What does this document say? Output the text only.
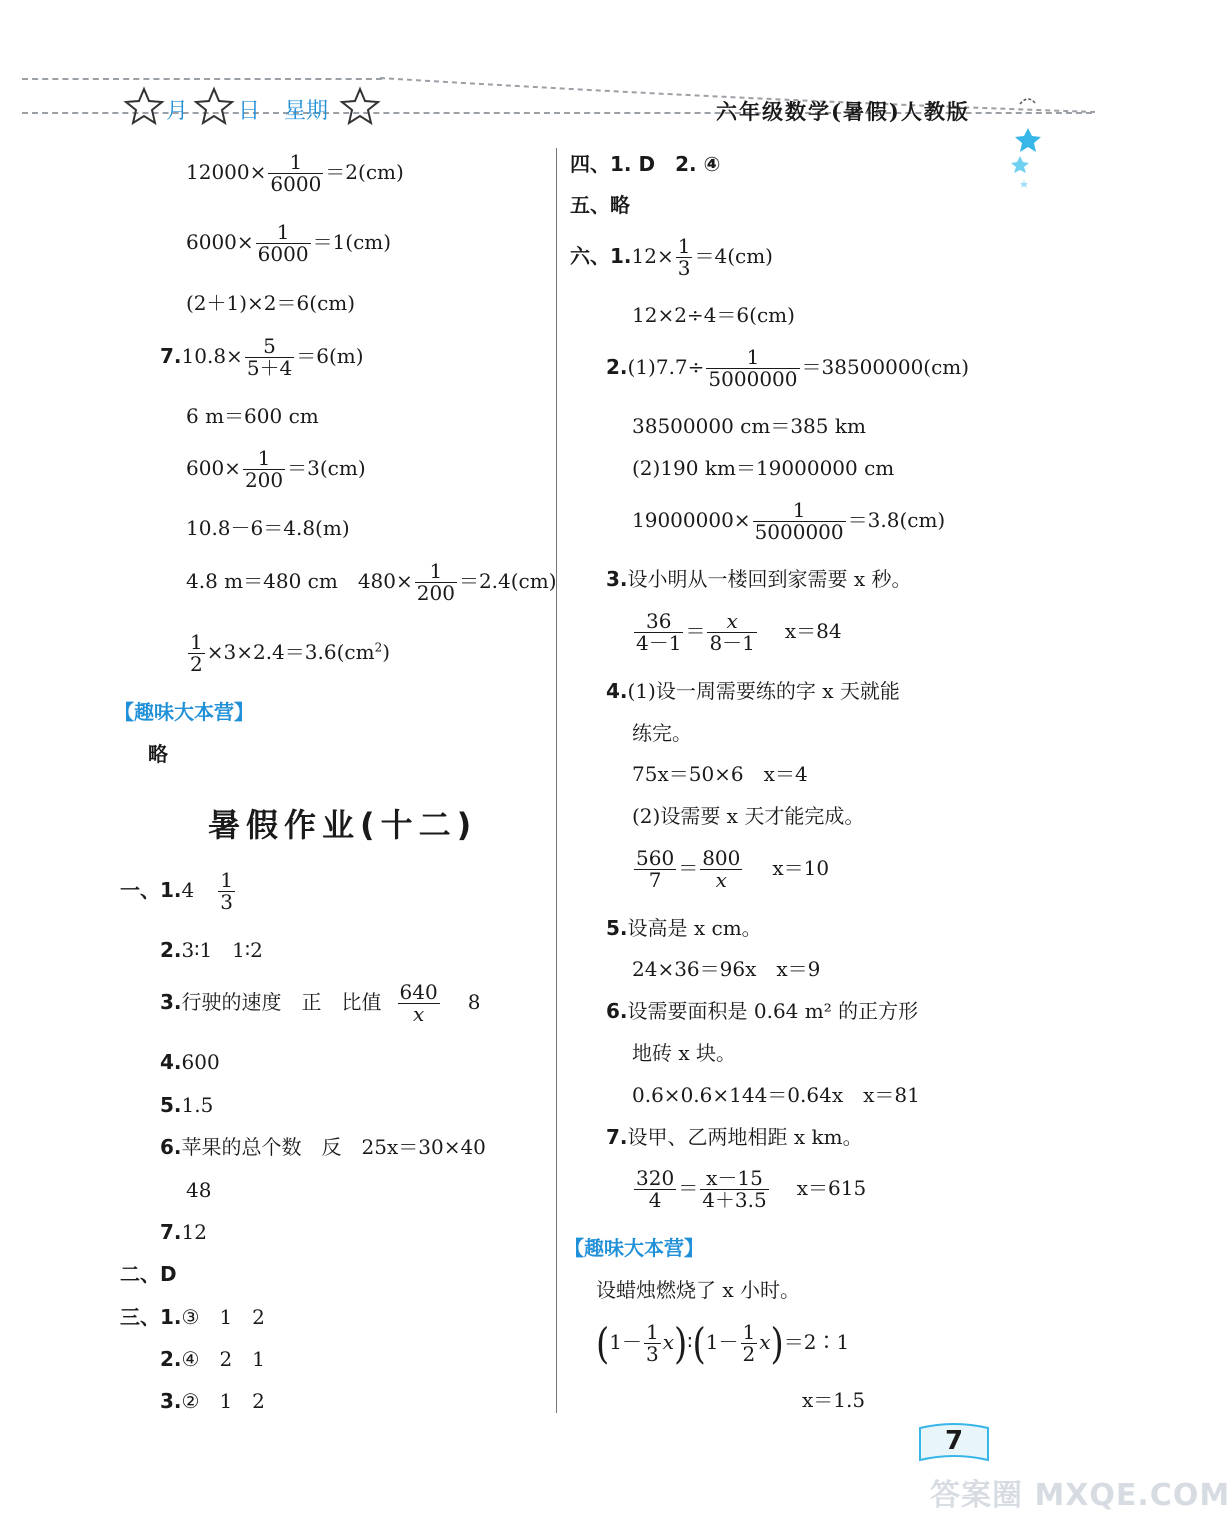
月 日 星期	六年级数学(暑假)人教版
$12000\times \frac{1}{6000} =2(cm)$
$6000\times \frac{1}{6000} =1(cm)$
(2＋1)×2＝6(cm)
$7.10.8\times \frac{5}{5+4} =6(m)$
6 m＝600 cm
$600\times \frac{1}{200} =3(cm)$
10.8－6＝4.8(m)
4.8 m＝480 cm　$480\times \frac{1}{200} =2.4(cm)$
$\frac{1}{2} \times 3\times 2.4=3.6(cm^2)$
【趣味大本营】
略
暑假作业(十二)
一、$1.4 \frac{1}{3}$
2.3∶1　1∶2
3.行驶的速度　正　比值 $\frac{640}{x} 8$
4.600
5.1.5
6.苹果的总个数　反　25x＝30×40
48
7.12
二、D
三、1.③　1　2
2.④　2　1
3.②　1　2
四、1. D　2. ④
五、略
六、$1.12\times \frac{1}{3} =4(cm)$
12×2÷4＝6(cm)
$2.(1)7.7\div \frac{1}{5000000} =38500000(cm)$
38500000 cm＝385 km
(2)190 km＝19000000 cm
$19000000\times \frac{1}{5000000} =3.8(cm)$
3.设小明从一楼回到家需要 x 秒。
$\frac{36}{4-1} = \frac{x}{8-1} x=84$
4.(1)设一周需要练的字 x 天就能
练完。
75x＝50×6　x＝4
(2)设需要 x 天才能完成。
$\frac{560}{7} = \frac{800}{x} x=10$
5.设高是 x cm。
24×36＝96x　x＝9
6.设需要面积是 0.64 m² 的正方形
地砖 x 块。
0.6×0.6×144＝0.64x　x＝81
7.设甲、乙两地相距 x km。
$\frac{320}{4} = \frac{x-15}{4+3.5} x=615$
【趣味大本营】
设蜡烛燃烧了 x 小时。
($1- \frac{1}{3}$ x)∶(1－ $\frac{1}{2}$ x)＝2∶1
x＝1.5
7
答案圈 MXQE.COM
